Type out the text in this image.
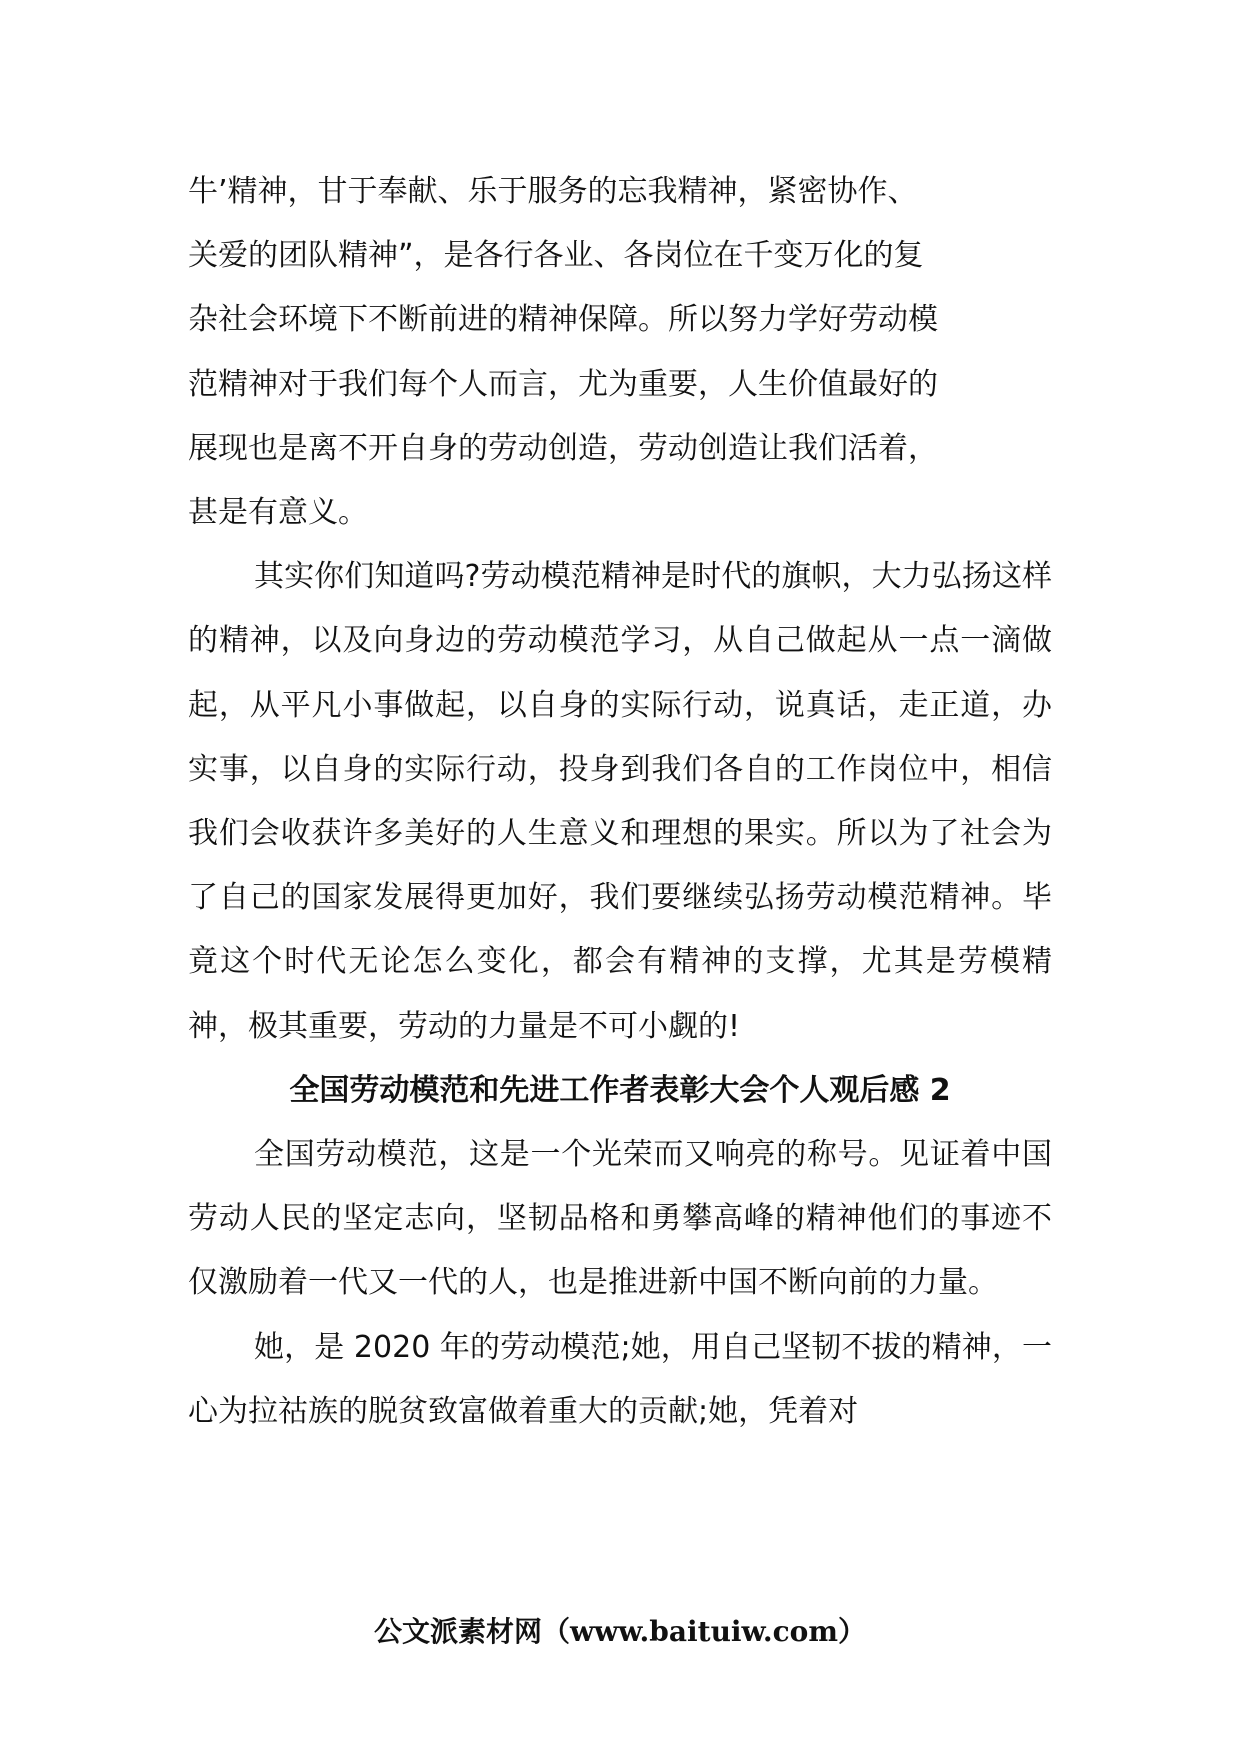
牛’精神，甘于奉献、乐于服务的忘我精神，紧密协作、
关爱的团队精神”，是各行各业、各岗位在千变万化的复
杂社会环境下不断前进的精神保障。所以努力学好劳动模
范精神对于我们每个人而言，尤为重要，人生价值最好的
展现也是离不开自身的劳动创造，劳动创造让我们活着，
甚是有意义。

其实你们知道吗?劳动模范精神是时代的旗帜，大力弘扬这样的精神，以及向身边的劳动模范学习，从自己做起从一点一滴做起，从平凡小事做起，以自身的实际行动，说真话，走正道，办实事，以自身的实际行动，投身到我们各自的工作岗位中，相信我们会收获许多美好的人生意义和理想的果实。所以为了社会为了自己的国家发展得更加好，我们要继续弘扬劳动模范精神。毕竟这个时代无论怎么变化，都会有精神的支撑，尤其是劳模精神，极其重要，劳动的力量是不可小觑的!

全国劳动模范和先进工作者表彰大会个人观后感 2

全国劳动模范，这是一个光荣而又响亮的称号。见证着中国劳动人民的坚定志向，坚韧品格和勇攀高峰的精神他们的事迹不仅激励着一代又一代的人，也是推进新中国不断向前的力量。

她，是 2020 年的劳动模范;她，用自己坚韧不拔的精神，一心为拉祜族的脱贫致富做着重大的贡献;她，凭着对

公文派素材网（www.baituiw.com）
